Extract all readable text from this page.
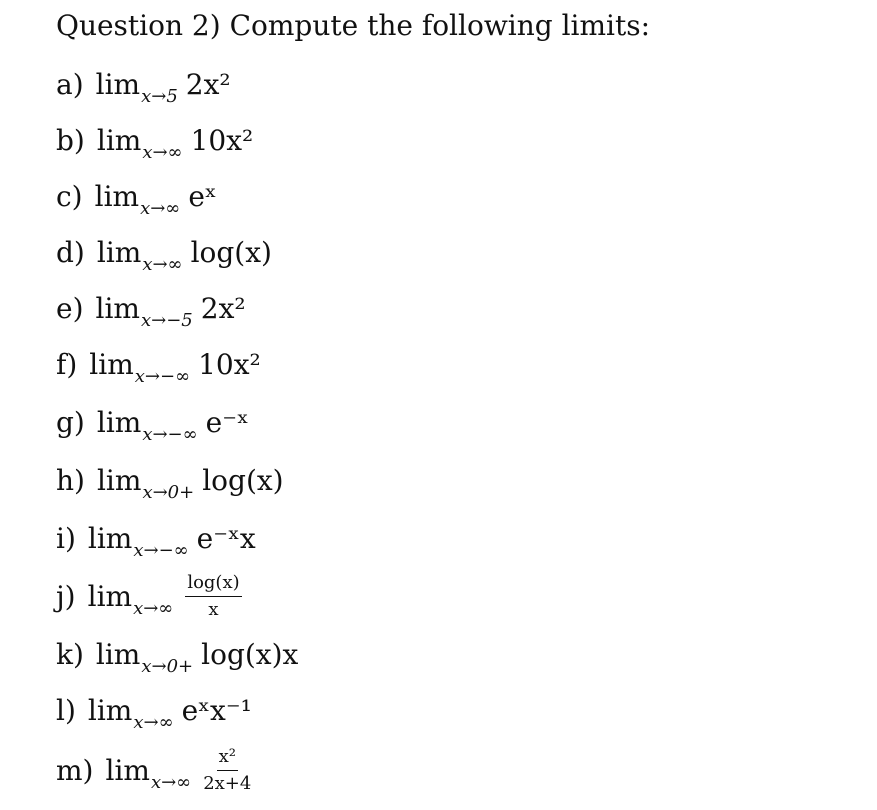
Question 2) Compute the following limits:
a) lim x→5 2x²
b) lim x→∞ 10x²
c) lim x→∞ eˣ
d) lim x→∞ log(x)
e) lim x→−5 2x²
f) lim x→−∞ 10x²
g) lim x→−∞ e⁻ˣ
h) lim x→0+ log(x)
i) lim x→−∞ e⁻ˣx
j) $\lim x\to\infty \frac{\log(x)}{x}$
k) lim x→0+ log(x)x
l) lim x→∞ eˣx⁻¹
m) $\lim x\to\infty \frac{\text{x²}}{2x+4}$
